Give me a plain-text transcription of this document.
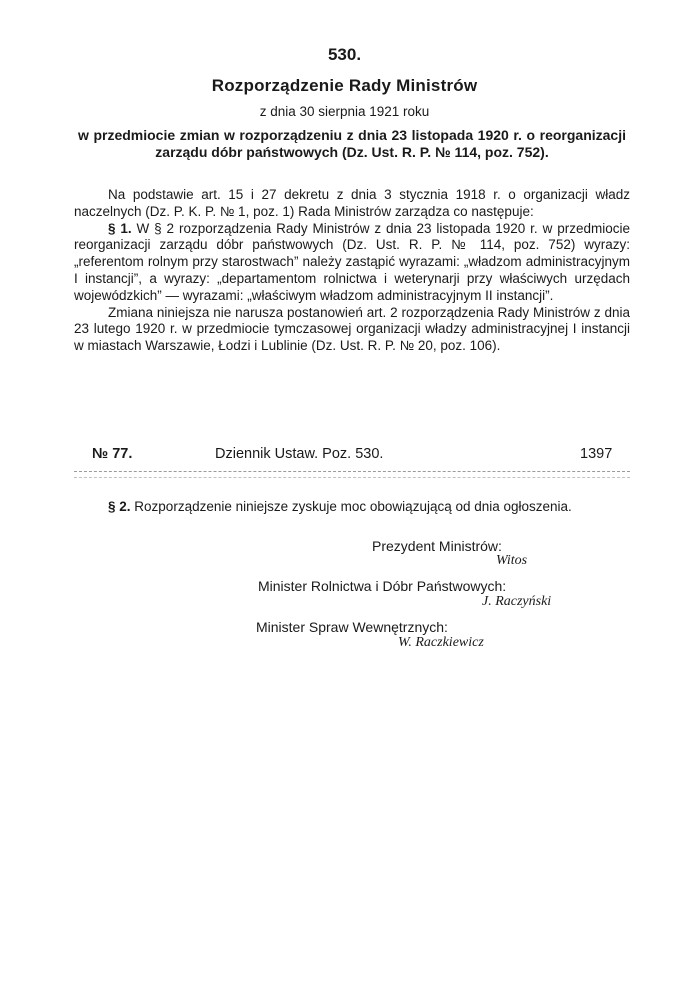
530.
Rozporządzenie Rady Ministrów
z dnia 30 sierpnia 1921 roku
w przedmiocie zmian w rozporządzeniu z dnia 23 listopada 1920 r. o reorganizacji zarządu dóbr państwowych (Dz. Ust. R. P. № 114, poz. 752).

Na podstawie art. 15 i 27 dekretu z dnia 3 stycznia 1918 r. o organizacji władz naczelnych (Dz. P. K. P. № 1, poz. 1) Rada Ministrów zarządza co następuje:

§ 1. W § 2 rozporządzenia Rady Ministrów z dnia 23 listopada 1920 r. w przedmiocie reorganizacji zarządu dóbr państwowych (Dz. Ust. R. P. № 114, poz. 752) wyrazy: „referentom rolnym przy starostwach” należy zastąpić wyrazami: „władzom administracyjnym I instancji”, a wyrazy: „departamentom rolnictwa i weterynarji przy właściwych urzędach wojewódzkich” — wyrazami: „właściwym władzom administracyjnym II instancji”.

Zmiana niniejsza nie narusza postanowień art. 2 rozporządzenia Rady Ministrów z dnia 23 lutego 1920 r. w przedmiocie tymczasowej organizacji władzy administracyjnej I instancji w miastach Warszawie, Łodzi i Lublinie (Dz. Ust. R. P. № 20, poz. 106).

№ 77.	Dziennik Ustaw. Poz. 530.	1397

§ 2. Rozporządzenie niniejsze zyskuje moc obowiązującą od dnia ogłoszenia.

Prezydent Ministrów:
Witos
Minister Rolnictwa i Dóbr Państwowych:
J. Raczyński
Minister Spraw Wewnętrznych:
W. Raczkiewicz
